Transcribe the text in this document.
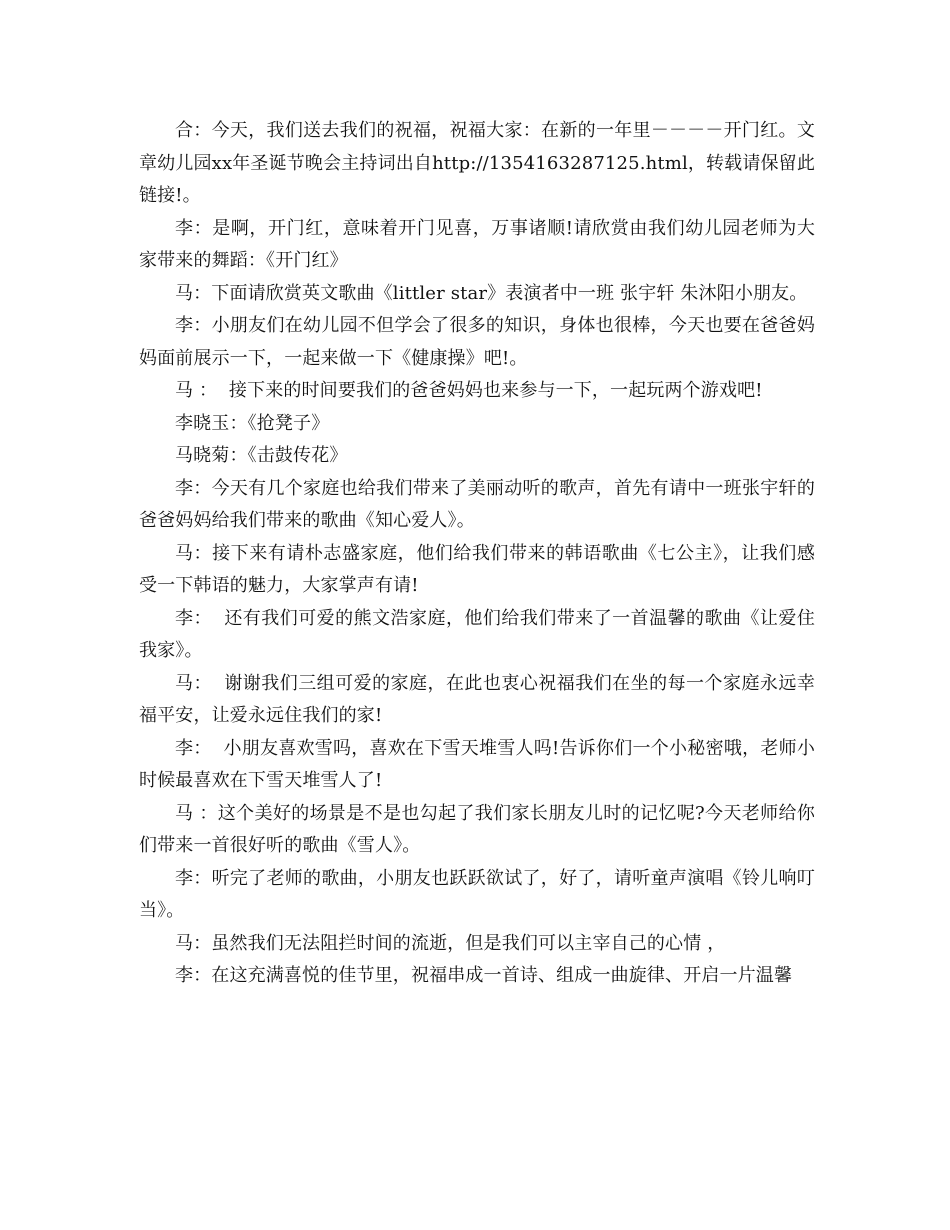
合：今天，我们送去我们的祝福，祝福大家：在新的一年里－－－－开门红。文章幼儿园xx年圣诞节晚会主持词出自http://1354163287125.html，转载请保留此链接!。

李：是啊，开门红，意味着开门见喜，万事诸顺!请欣赏由我们幼儿园老师为大家带来的舞蹈：《开门红》

马：下面请欣赏英文歌曲《littler star》表演者中一班 张宇轩 朱沐阳小朋友。

李：小朋友们在幼儿园不但学会了很多的知识，身体也很棒，今天也要在爸爸妈妈面前展示一下，一起来做一下《健康操》吧!。

马 ：  接下来的时间要我们的爸爸妈妈也来参与一下，一起玩两个游戏吧!

李晓玉：《抢凳子》

马晓菊：《击鼓传花》

李：今天有几个家庭也给我们带来了美丽动听的歌声，首先有请中一班张宇轩的爸爸妈妈给我们带来的歌曲《知心爱人》。

马：接下来有请朴志盛家庭，他们给我们带来的韩语歌曲《七公主》，让我们感受一下韩语的魅力，大家掌声有请!

李：  还有我们可爱的熊文浩家庭，他们给我们带来了一首温馨的歌曲《让爱住我家》。

马：  谢谢我们三组可爱的家庭，在此也衷心祝福我们在坐的每一个家庭永远幸福平安，让爱永远住我们的家!

李：  小朋友喜欢雪吗，喜欢在下雪天堆雪人吗!告诉你们一个小秘密哦，老师小时候最喜欢在下雪天堆雪人了!

马 ：这个美好的场景是不是也勾起了我们家长朋友儿时的记忆呢?今天老师给你们带来一首很好听的歌曲《雪人》。

李：听完了老师的歌曲，小朋友也跃跃欲试了，好了，请听童声演唱《铃儿响叮当》。

马：虽然我们无法阻拦时间的流逝，但是我们可以主宰自己的心情 ，

李：在这充满喜悦的佳节里，祝福串成一首诗、组成一曲旋律、开启一片温馨
